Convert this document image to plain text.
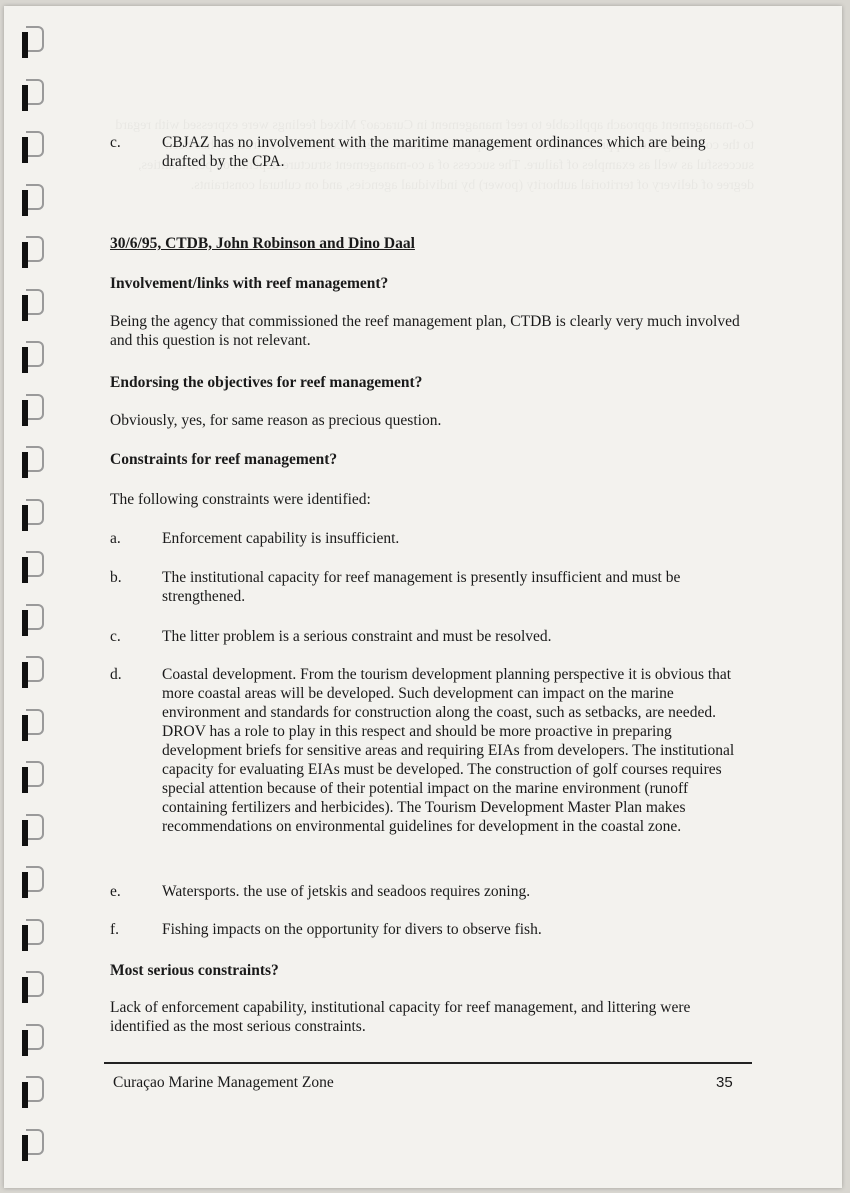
c.	CBJAZ has no involvement with the maritime management ordinances which are being drafted by the CPA.

30/6/95, CTDB, John Robinson and Dino Daal

Involvement/links with reef management?

Being the agency that commissioned the reef management plan, CTDB is clearly very much involved and this question is not relevant.

Endorsing the objectives for reef management?

Obviously, yes, for same reason as precious question.

Constraints for reef management?

The following constraints were identified:

a.	Enforcement capability is insufficient.
b.	The institutional capacity for reef management is presently insufficient and must be strengthened.
c.	The litter problem is a serious constraint and must be resolved.
d.	Coastal development. From the tourism development planning perspective it is obvious that more coastal areas will be developed. Such development can impact on the marine environment and standards for construction along the coast, such as setbacks, are needed. DROV has a role to play in this respect and should be more proactive in preparing development briefs for sensitive areas and requiring EIAs from developers. The institutional capacity for evaluating EIAs must be developed. The construction of golf courses requires special attention because of their potential impact on the marine environment (runoff containing fertilizers and herbicides). The Tourism Development Master Plan makes recommendations on environmental guidelines for development in the coastal zone.
e.	Watersports. the use of jetskis and seadoos requires zoning.
f.	Fishing impacts on the opportunity for divers to observe fish.

Most serious constraints?

Lack of enforcement capability, institutional capacity for reef management, and littering were identified as the most serious constraints.

Curaçao Marine Management Zone	35
